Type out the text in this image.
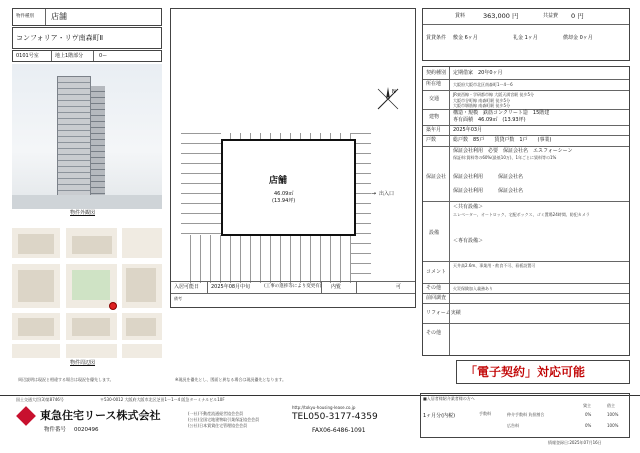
物件種別 店舗
コンフォリア・リヴ南森町Ⅱ
0101号室	地上1階部分	0ー
物件外観図
物件周辺図
周辺説明は現況と相違する場合は現況を優先します。
N
店舗
46.09㎡
(13.94坪)
→ 出入口
入居可能日 2025年08月中旬	(工事の進捗等により変更有) 内覧	可
備考
※現況を優先とし、図面と異なる場合は現況優先となります。
賃料	363,000 円	共益費 0 円
賃貸条件 敷金 6ヶ月	礼金 1ヶ月	償却金 0ヶ月
契約種別 定期借家　20年0ヶ月
所在地	大阪府大阪市北区南森町1ー4ー6
交通
JR東西線・学研都市線 大阪天満宮駅 徒歩5分
大阪市谷町線 南森町駅 徒歩5分
大阪市堺筋線 南森町駅 徒歩5分
建物
構造・規模　鉄筋コンクリート造　15階建
専有面積　46.09㎡　(13.93坪)
築年月 2025年03月
戸数	総戸数　85戸　　賃貸戸数　1戸　　(事業)
保証会社
保証会社利用　必要　保証会社名　エスフォーシーン
保証料:賃料等の60%(最低10万)、1年ごとに賃料等の1%
保証会社利用　　　保証会社名
保証会社利用　　　保証会社名
設備
＜共有設備＞
エレベーター、オートロック、宅配ボックス、ゴミ置場24時間、防犯カメラ
＜専有設備＞
コメント
天井高2.6m、事業用・飲食不可、看板設置可
その他	火災保険加入義務あり
前回調査
リフォーム実績
その他
「電子契約」対応可能
国土交通大臣(3)第8746号	〒530-0012 大阪府大阪市北区芝田1ー1ー4 阪急ターミナルビル10F
東急住宅リース株式会社
物件番号 0020496
(一社)不動産流通経営協会会員
(公社)全国宅地建物取引業保証協会会員
(公社)日本賃貸住宅管理協会会員
http://tokyu-housing-lease.co.jp
TEL050-3177-4359
FAX06-6486-1091
■入居者様紹介業者様の方へ
1ヶ月分(内税)	手数料
貸主	借主
仲介手数料 負担割合	0%	100%
広告料	0%	100%
情報登録日:2025年07月16日
